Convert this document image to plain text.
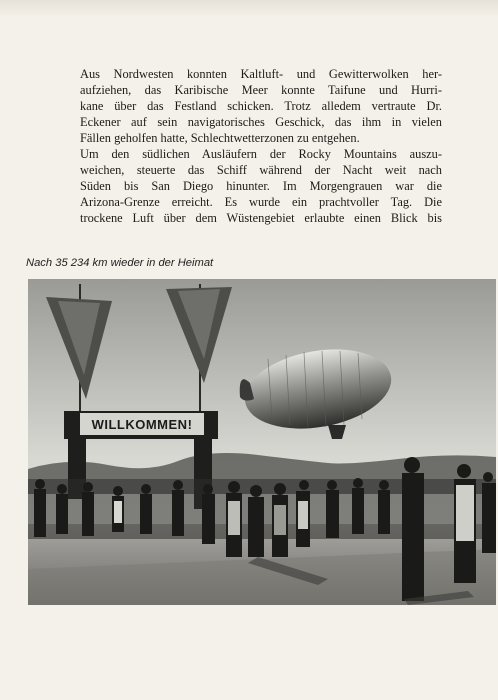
Aus Nordwesten konnten Kaltluft- und Gewitterwolken her-
aufziehen, das Karibische Meer konnte Taifune und Hurri-
kane über das Festland schicken. Trotz alledem vertraute Dr.
Eckener auf sein navigatorisches Geschick, das ihm in vielen
Fällen geholfen hatte, Schlechtwetterzonen zu entgehen.
Um den südlichen Ausläufern der Rocky Mountains auszu-
weichen, steuerte das Schiff während der Nacht weit nach
Süden bis San Diego hinunter. Im Morgengrauen war die
Arizona-Grenze erreicht. Es wurde ein prachtvoller Tag. Die
trockene Luft über dem Wüstengebiet erlaubte einen Blick bis
Nach 35 234 km wieder in der Heimat
WILLKOMMEN!
